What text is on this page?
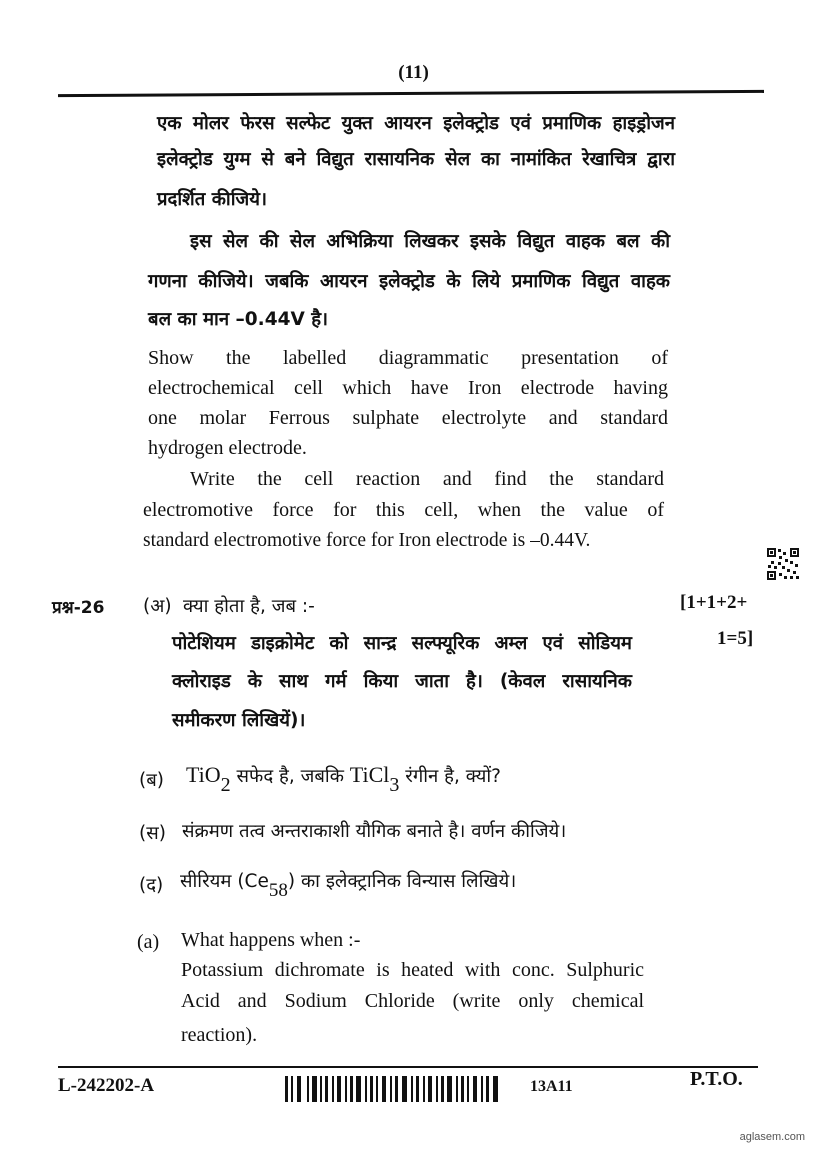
(11)
एक मोलर फेरस सल्फेट युक्त आयरन इलेक्ट्रोड एवं प्रमाणिक हाइड्रोजन
इलेक्ट्रोड युग्म से बने विद्युत रासायनिक सेल का नामांकित रेखाचित्र द्वारा
प्रदर्शित कीजिये।
इस सेल की सेल अभिक्रिया लिखकर इसके विद्युत वाहक बल की
गणना कीजिये। जबकि आयरन इलेक्ट्रोड के लिये प्रमाणिक विद्युत वाहक
बल का मान –0.44V है।
Show the labelled diagrammatic presentation of
electrochemical cell which have Iron electrode having
one molar Ferrous sulphate electrolyte and standard
hydrogen electrode.
Write the cell reaction and find the standard
electromotive force for this cell, when the value of
standard electromotive force for Iron electrode is –0.44V.
प्रश्न-26 (अ) क्या होता है, जब :-	[1+1+2+
1=5]
पोटेशियम डाइक्रोमेट को सान्द्र सल्फ्यूरिक अम्ल एवं सोडियम
क्लोराइड के साथ गर्म किया जाता है। (केवल रासायनिक
समीकरण लिखियें)।
(ब) TiO$_2$ सफेद है, जबकि TiCl$_3$ रंगीन है, क्यों?
(स) संक्रमण तत्व अन्तराकाशी यौगिक बनाते है। वर्णन कीजिये।
(द) सीरियम $(Ce_{58})$ का इलेक्ट्रानिक विन्यास लिखिये।
(a) What happens when :-
Potassium dichromate is heated with conc. Sulphuric
Acid and Sodium Chloride (write only chemical
reaction).
L-242202-A	13A11	P.T.O.
aglasem.com
